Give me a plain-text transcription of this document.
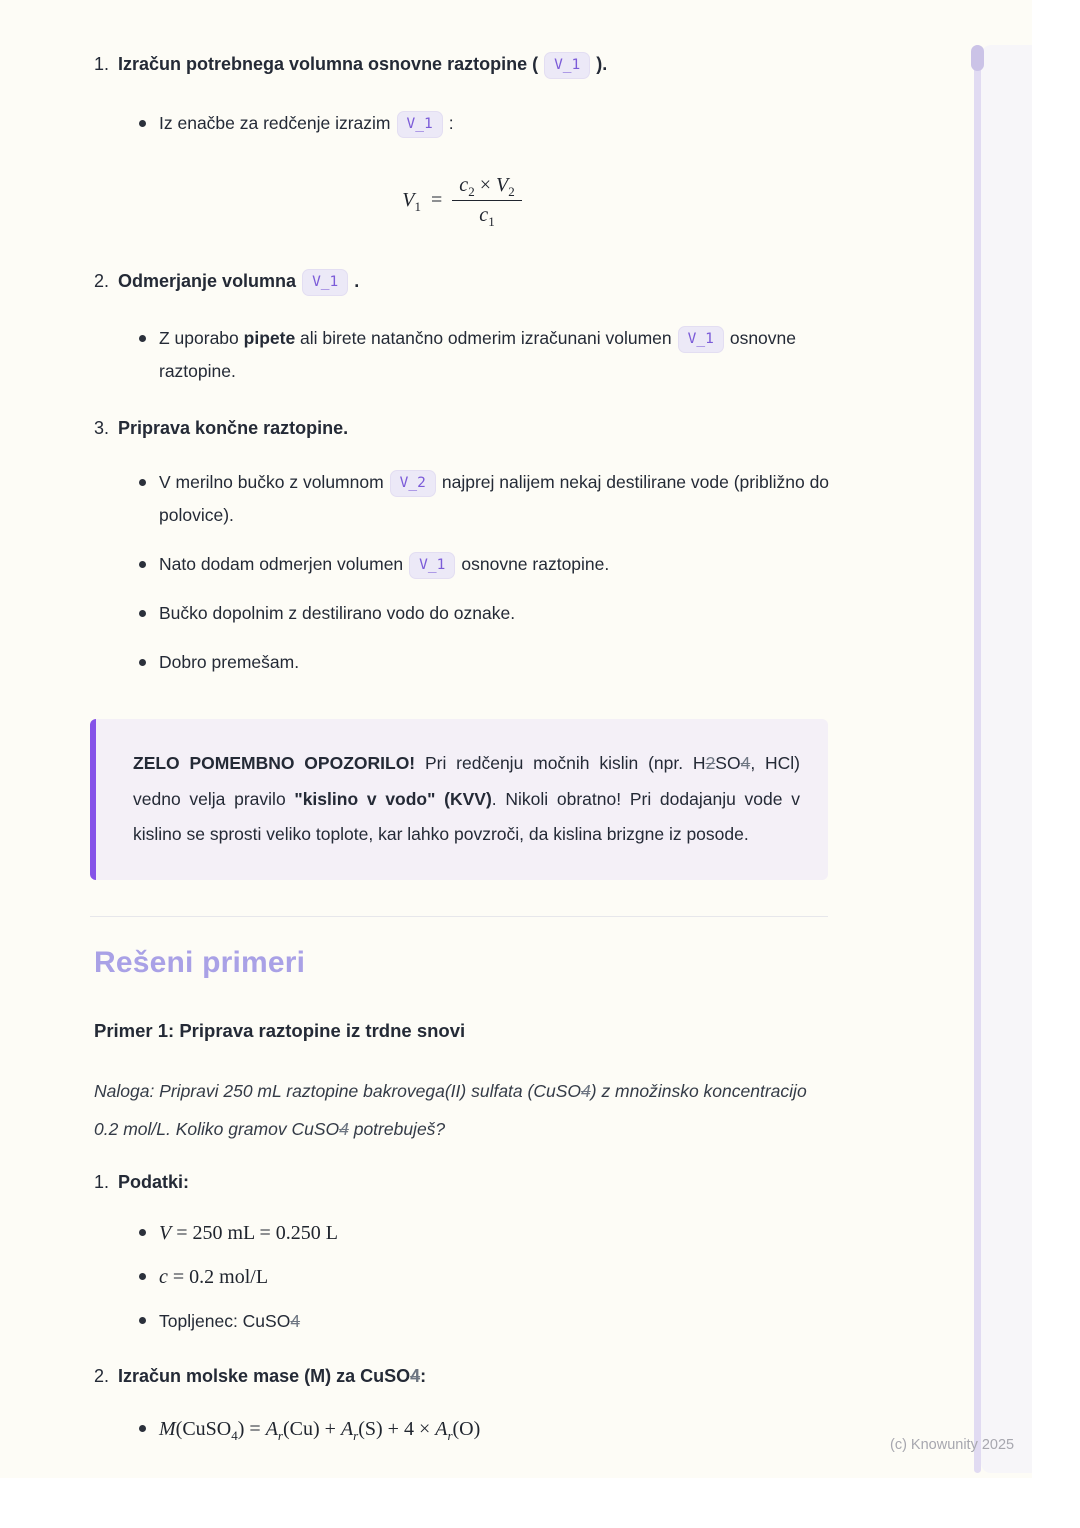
1. Izračun potrebnega volumna osnovne raztopine ( V_1 ).
Iz enačbe za redčenje izrazim V_1 :
$V_1 = \frac{c_2 \times V_2}{c_1}$
2. Odmerjanje volumna V_1 .
Z uporabo pipete ali birete natančno odmerim izračunani volumen V_1 osnovne raztopine.
3. Priprava končne raztopine.
V merilno bučko z volumnom V_2 najprej nalijem nekaj destilirane vode (približno do polovice).
Nato dodam odmerjen volumen V_1 osnovne raztopine.
Bučko dopolnim z destilirano vodo do oznake.
Dobro premešam.
ZELO POMEMBNO OPOZORILO! Pri redčenju močnih kislin (npr. H2SO4, HCl) vedno velja pravilo "kislino v vodo" (KVV). Nikoli obratno! Pri dodajanju vode v kislino se sprosti veliko toplote, kar lahko povzroči, da kislina brizgne iz posode.
Rešeni primeri
Primer 1: Priprava raztopine iz trdne snovi
Naloga: Pripravi 250 mL raztopine bakrovega(II) sulfata (CuSO4) z množinsko koncentracijo 0.2 mol/L. Koliko gramov CuSO4 potrebuješ?
1. Podatki:
V = 250 mL = 0.250 L
c = 0.2 mol/L
Topljenec: CuSO4
2. Izračun molske mase (M) za CuSO4:
M(CuSO$_4$) = $A_r(Cu) + A_r(S) + 4 \times A_r(O)$
(c) Knowunity 2025
